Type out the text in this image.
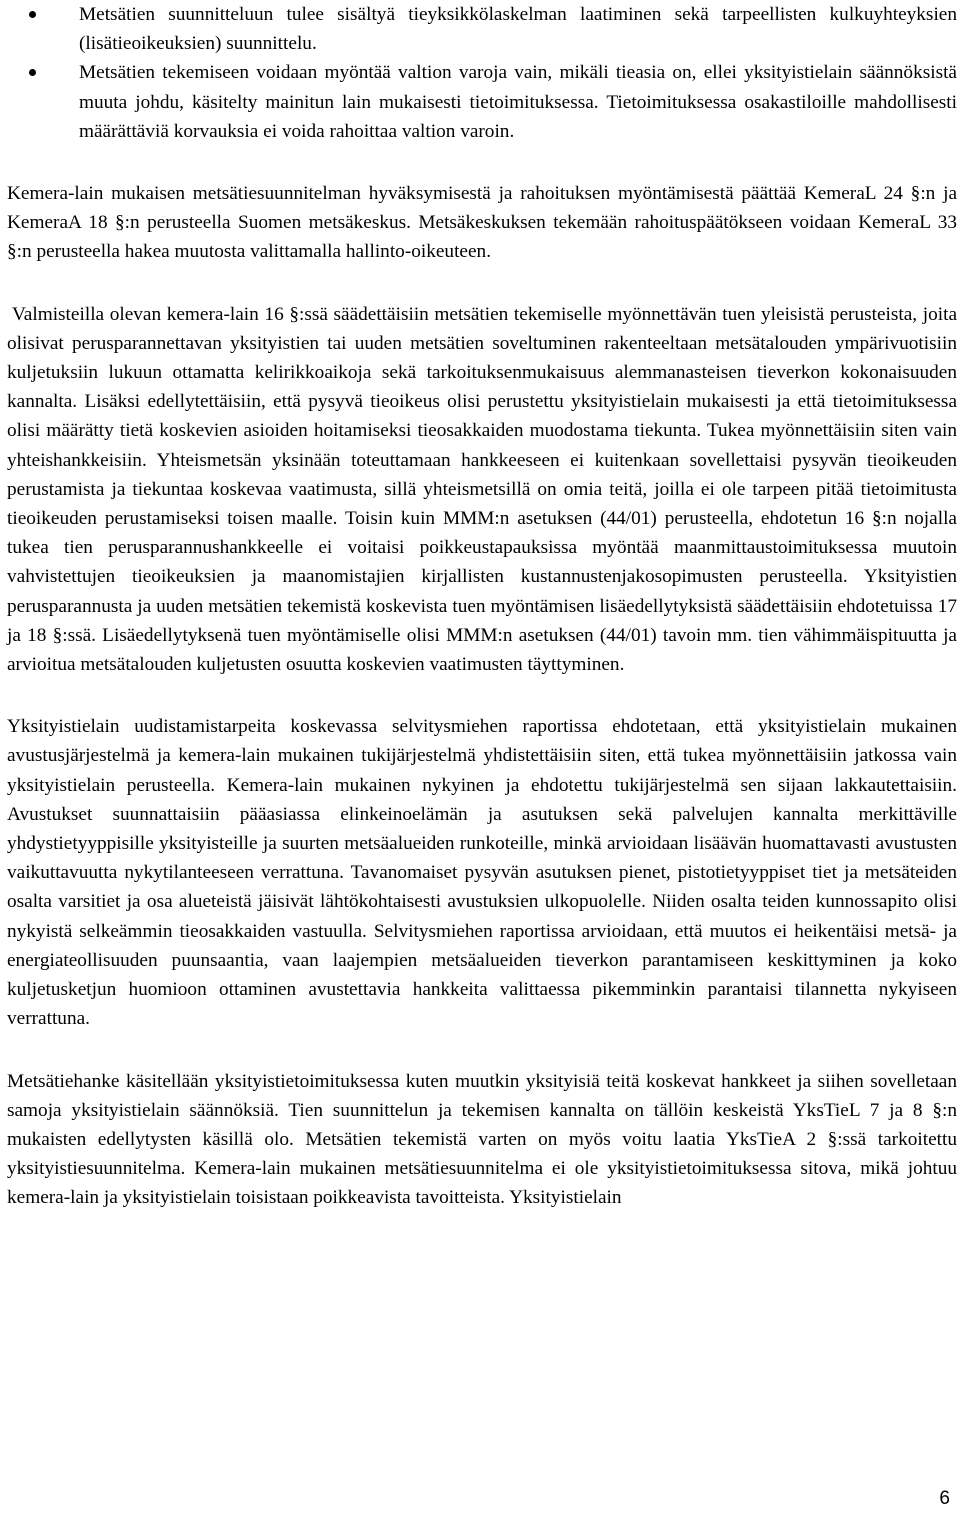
Metsätien suunnitteluun tulee sisältyä tieyksikkölaskelman laatiminen sekä tarpeellisten kulkuyhteyksien (lisätieoikeuksien) suunnittelu.
Metsätien tekemiseen voidaan myöntää valtion varoja vain, mikäli tieasia on, ellei yksityistielain säännöksistä muuta johdu, käsitelty mainitun lain mukaisesti tietoimituksessa. Tietoimituksessa osakastiloille mahdollisesti määrättäviä korvauksia ei voida rahoittaa valtion varoin.

Kemera-lain mukaisen metsätiesuunnitelman hyväksymisestä ja rahoituksen myöntämisestä päättää KemeraL 24 §:n ja KemeraA 18 §:n perusteella Suomen metsäkeskus. Metsäkeskuksen tekemään rahoituspäätökseen voidaan KemeraL 33 §:n perusteella hakea muutosta valittamalla hallinto-oikeuteen.

Valmisteilla olevan kemera-lain 16 §:ssä säädettäisiin metsätien tekemiselle myönnettävän tuen yleisistä perusteista, joita olisivat perusparannettavan yksityistien tai uuden metsätien soveltuminen rakenteeltaan metsätalouden ympärivuotisiin kuljetuksiin lukuun ottamatta kelirikkoaikoja sekä tarkoituksenmukaisuus alemmanasteisen tieverkon kokonaisuuden kannalta. Lisäksi edellytettäisiin, että pysyvä tieoikeus olisi perustettu yksityistielain mukaisesti ja että tietoimituksessa olisi määrätty tietä koskevien asioiden hoitamiseksi tieosakkaiden muodostama tiekunta. Tukea myönnettäisiin siten vain yhteishankkeisiin. Yhteismetsän yksinään toteuttamaan hankkeeseen ei kuitenkaan sovellettaisi pysyvän tieoikeuden perustamista ja tiekuntaa koskevaa vaatimusta, sillä yhteismetsillä on omia teitä, joilla ei ole tarpeen pitää tietoimitusta tieoikeuden perustamiseksi toisen maalle. Toisin kuin MMM:n asetuksen (44/01) perusteella, ehdotetun 16 §:n nojalla tukea tien perusparannushankkeelle ei voitaisi poikkeustapauksissa myöntää maanmittaustoimituksessa muutoin vahvistettujen tieoikeuksien ja maanomistajien kirjallisten kustannustenjakosopimusten perusteella. Yksityistien perusparannusta ja uuden metsätien tekemistä koskevista tuen myöntämisen lisäedellytyksistä säädettäisiin ehdotetuissa 17 ja 18 §:ssä. Lisäedellytyksenä tuen myöntämiselle olisi MMM:n asetuksen (44/01) tavoin mm. tien vähimmäispituutta ja arvioitua metsätalouden kuljetusten osuutta koskevien vaatimusten täyttyminen.

Yksityistielain uudistamistarpeita koskevassa selvitysmiehen raportissa ehdotetaan, että yksityistielain mukainen avustusjärjestelmä ja kemera-lain mukainen tukijärjestelmä yhdistettäisiin siten, että tukea myönnettäisiin jatkossa vain yksityistielain perusteella. Kemera-lain mukainen nykyinen ja ehdotettu tukijärjestelmä sen sijaan lakkautettaisiin. Avustukset suunnattaisiin pääasiassa elinkeinoelämän ja asutuksen sekä palvelujen kannalta merkittäville yhdystietyyppisille yksityisteille ja suurten metsäalueiden runkoteille, minkä arvioidaan lisäävän huomattavasti avustusten vaikuttavuutta nykytilanteeseen verrattuna. Tavanomaiset pysyvän asutuksen pienet, pistotietyyppiset tiet ja metsäteiden osalta varsitiet ja osa alueteistä jäisivät lähtökohtaisesti avustuksien ulkopuolelle. Niiden osalta teiden kunnossapito olisi nykyistä selkeämmin tieosakkaiden vastuulla. Selvitysmiehen raportissa arvioidaan, että muutos ei heikentäisi metsä- ja energiateollisuuden puunsaantia, vaan laajempien metsäalueiden tieverkon parantamiseen keskittyminen ja koko kuljetusketjun huomioon ottaminen avustettavia hankkeita valittaessa pikemminkin parantaisi tilannetta nykyiseen verrattuna.

Metsätiehanke käsitellään yksityistietoimituksessa kuten muutkin yksityisiä teitä koskevat hankkeet ja siihen sovelletaan samoja yksityistielain säännöksiä. Tien suunnittelun ja tekemisen kannalta on tällöin keskeistä YksTieL 7 ja 8 §:n mukaisten edellytysten käsillä olo. Metsätien tekemistä varten on myös voitu laatia YksTieA 2 §:ssä tarkoitettu yksityistiesuunnitelma. Kemera-lain mukainen metsätiesuunnitelma ei ole yksityistietoimituksessa sitova, mikä johtuu kemera-lain ja yksityistielain toisistaan poikkeavista tavoitteista. Yksityistielain

6
